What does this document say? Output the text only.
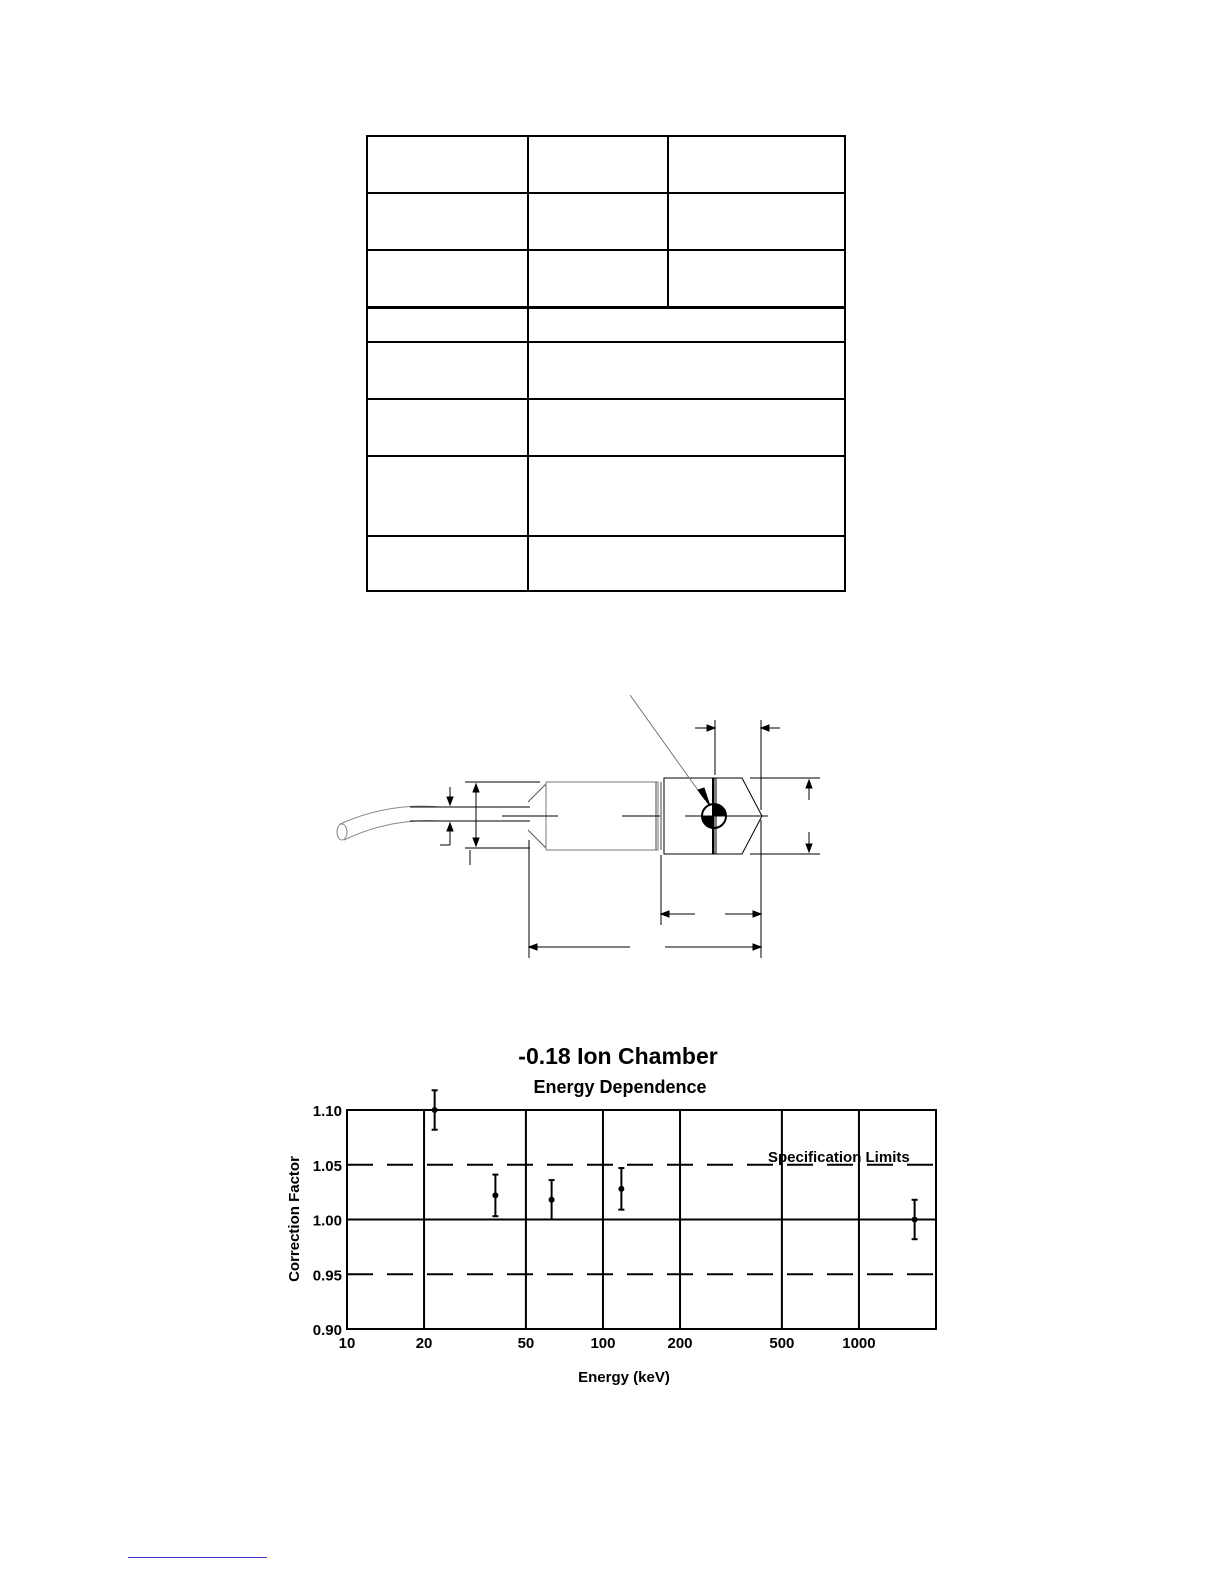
-0.18 Ion Chamber
Energy Dependence
Correction Factor
Energy (keV)
1.10
1.05
1.00
0.95
0.90
10	20	50	100	200	500	1000
Specification Limits
